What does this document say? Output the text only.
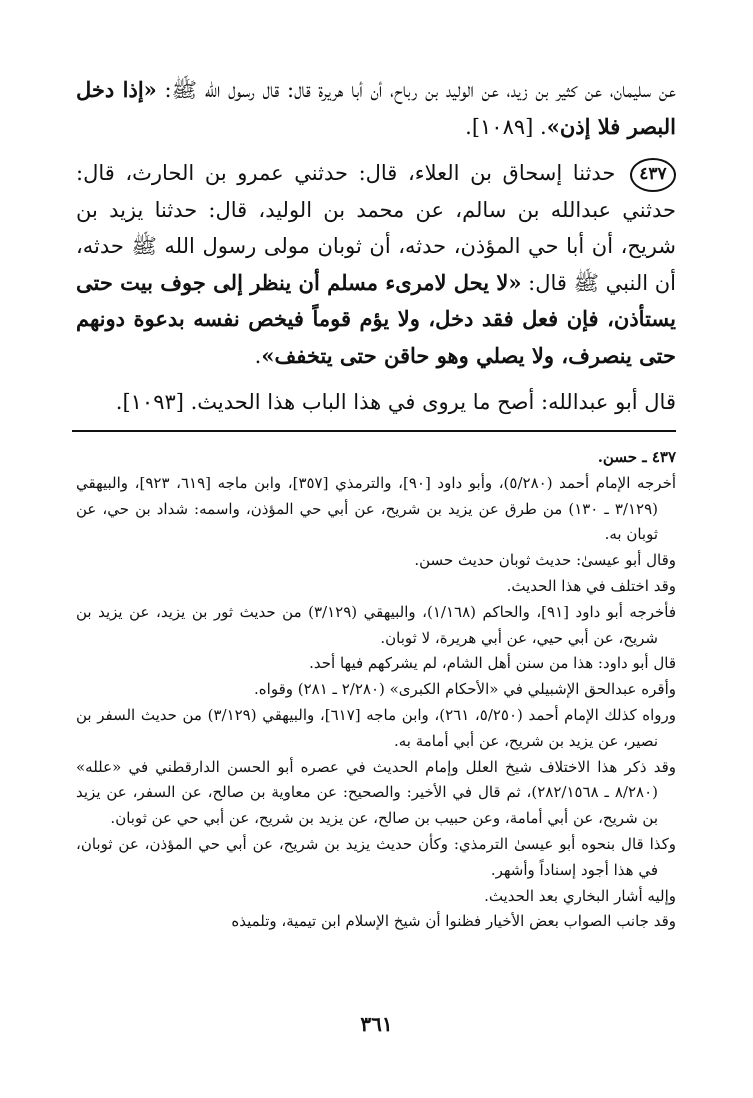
عن سليمان، عن كثير بن زيد، عن الوليد بن رباح، أن أبا هريرة قال: قال رسول الله ﷺ: «إذا دخل البصر فلا إذن». [١٠٨٩].

٤٣٧ حدثنا إسحاق بن العلاء، قال: حدثني عمرو بن الحارث، قال: حدثني عبدالله بن سالم، عن محمد بن الوليد، قال: حدثنا يزيد بن شريح، أن أبا حي المؤذن، حدثه، أن ثوبان مولى رسول الله ﷺ حدثه، أن النبي ﷺ قال: «لا يحل لامرىء مسلم أن ينظر إلى جوف بيت حتى يستأذن، فإن فعل فقد دخل، ولا يؤم قوماً فيخص نفسه بدعوة دونهم حتى ينصرف، ولا يصلي وهو حاقن حتى يتخفف».

قال أبو عبدالله: أصح ما يروى في هذا الباب هذا الحديث. [١٠٩٣].

٤٣٧ ـ حسن.

أخرجه الإمام أحمد (٥/٢٨٠)، وأبو داود [٩٠]، والترمذي [٣٥٧]، وابن ماجه [٦١٩، ٩٢٣]، والبيهقي (٣/١٢٩ ـ ١٣٠) من طرق عن يزيد بن شريح، عن أبي حي المؤذن، واسمه: شداد بن حي، عن ثوبان به.

وقال أبو عيسىٰ: حديث ثوبان حديث حسن.

وقد اختلف في هذا الحديث.

فأخرجه أبو داود [٩١]، والحاكم (١/١٦٨)، والبيهقي (٣/١٢٩) من حديث ثور بن يزيد، عن يزيد بن شريح، عن أبي حيي، عن أبي هريرة، لا ثوبان.

قال أبو داود: هذا من سنن أهل الشام، لم يشركهم فيها أحد.

وأقره عبدالحق الإشبيلي في «الأحكام الكبرى» (٢/٢٨٠ ـ ٢٨١) وقواه.

ورواه كذلك الإمام أحمد (٥/٢٥٠، ٢٦١)، وابن ماجه [٦١٧]، والبيهقي (٣/١٢٩) من حديث السفر بن نصير، عن يزيد بن شريح، عن أبي أمامة به.

وقد ذكر هذا الاختلاف شيخ العلل وإمام الحديث في عصره أبو الحسن الدارقطني في «علله» (٨/٢٨٠ ـ ٢٨٢/١٥٦٨)، ثم قال في الأخير: والصحيح: عن معاوية بن صالح، عن السفر، عن يزيد بن شريح، عن أبي أمامة، وعن حبيب بن صالح، عن يزيد بن شريح، عن أبي حي عن ثوبان.

وكذا قال بنحوه أبو عيسىٰ الترمذي: وكأن حديث يزيد بن شريح، عن أبي حي المؤذن، عن ثوبان، في هذا أجود إسناداً وأشهر.

وإليه أشار البخاري بعد الحديث.

وقد جانب الصواب بعض الأخيار فظنوا أن شيخ الإسلام ابن تيمية، وتلميذه

٣٦١
